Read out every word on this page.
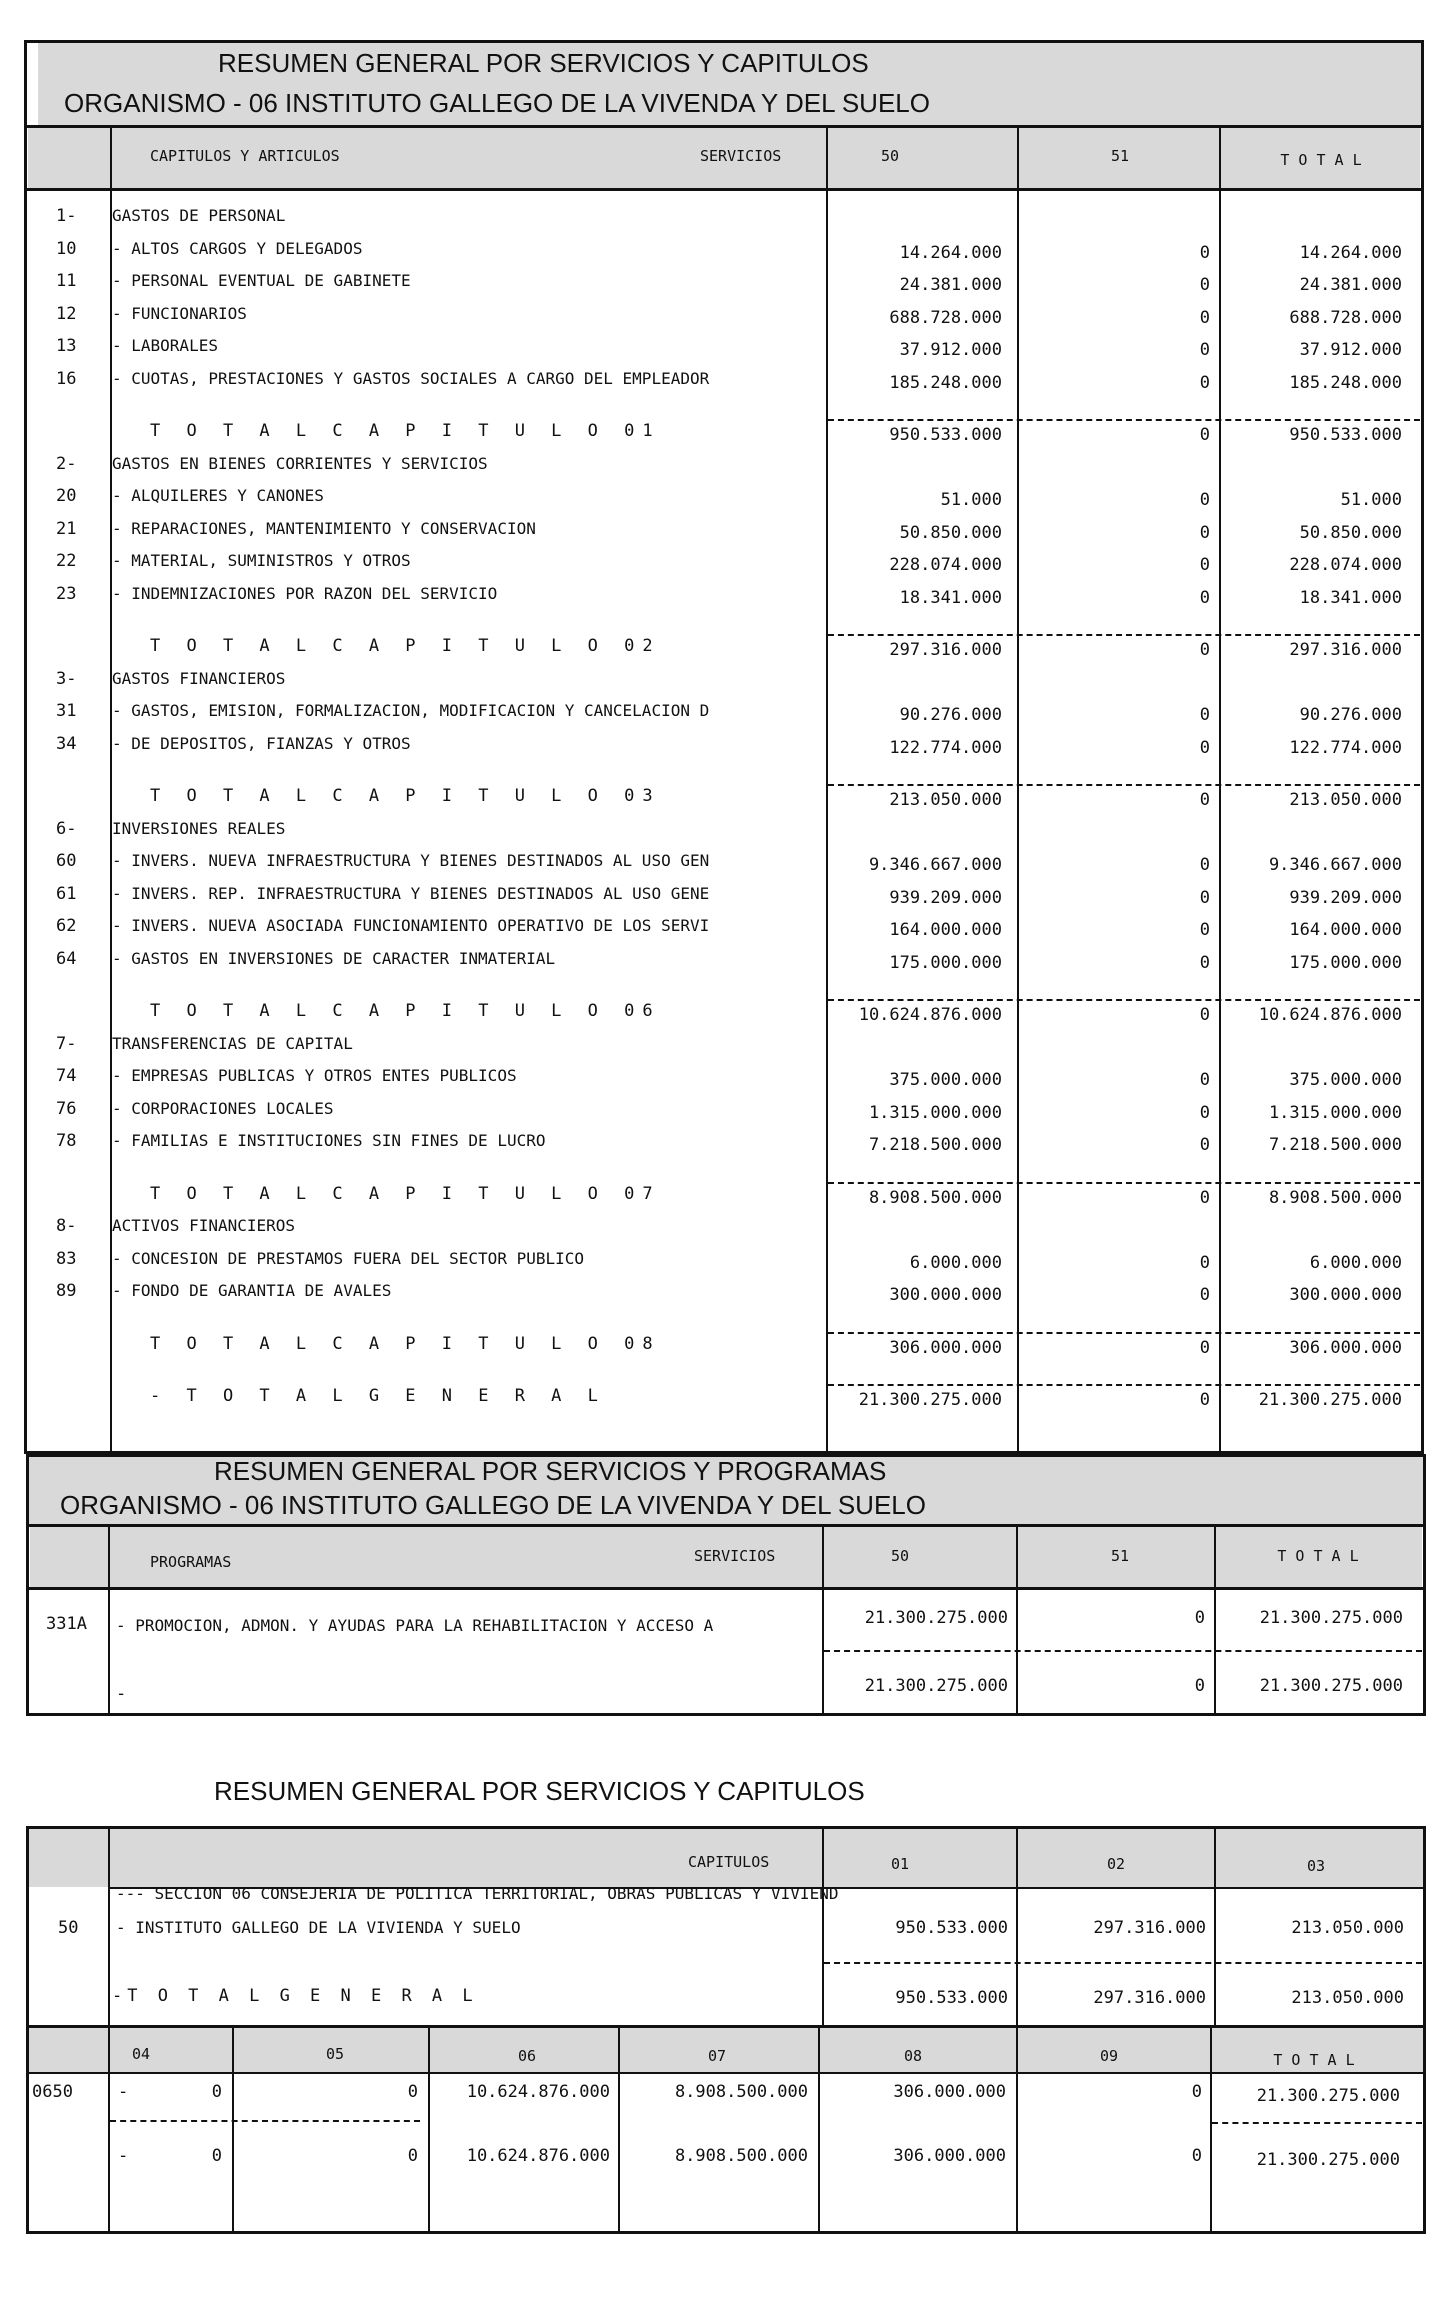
RESUMEN GENERAL POR SERVICIOS Y CAPITULOS
ORGANISMO - 06 INSTITUTO GALLEGO DE LA VIVENDA Y DEL SUELO
CAPITULOS Y ARTICULOS	SERVICIOS	50	51	T O T A L
1- GASTOS DE PERSONAL
10 - ALTOS CARGOS Y DELEGADOS	14.264.000	0	14.264.000
11 - PERSONAL EVENTUAL DE GABINETE	24.381.000	0	24.381.000
12 - FUNCIONARIOS	688.728.000	0	688.728.000
13 - LABORALES	37.912.000	0	37.912.000
16 - CUOTAS, PRESTACIONES Y GASTOS SOCIALES A CARGO DEL EMPLEADOR	185.248.000	0	185.248.000
T O T A L C A P I T U L O 01	950.533.000	0	950.533.000
2- GASTOS EN BIENES CORRIENTES Y SERVICIOS
20 - ALQUILERES Y CANONES	51.000	0	51.000
21 - REPARACIONES, MANTENIMIENTO Y CONSERVACION	50.850.000	0	50.850.000
22 - MATERIAL, SUMINISTROS Y OTROS	228.074.000	0	228.074.000
23 - INDEMNIZACIONES POR RAZON DEL SERVICIO	18.341.000	0	18.341.000
T O T A L C A P I T U L O 02	297.316.000	0	297.316.000
3- GASTOS FINANCIEROS
31 - GASTOS, EMISION, FORMALIZACION, MODIFICACION Y CANCELACION D	90.276.000	0	90.276.000
34 - DE DEPOSITOS, FIANZAS Y OTROS	122.774.000	0	122.774.000
T O T A L C A P I T U L O 03	213.050.000	0	213.050.000
6- INVERSIONES REALES
60 - INVERS. NUEVA INFRAESTRUCTURA Y BIENES DESTINADOS AL USO GEN	9.346.667.000	0	9.346.667.000
61 - INVERS. REP. INFRAESTRUCTURA Y BIENES DESTINADOS AL USO GENE	939.209.000	0	939.209.000
62 - INVERS. NUEVA ASOCIADA FUNCIONAMIENTO OPERATIVO DE LOS SERVI	164.000.000	0	164.000.000
64 - GASTOS EN INVERSIONES DE CARACTER INMATERIAL	175.000.000	0	175.000.000
T O T A L C A P I T U L O 06	10.624.876.000	0	10.624.876.000
7- TRANSFERENCIAS DE CAPITAL
74 - EMPRESAS PUBLICAS Y OTROS ENTES PUBLICOS	375.000.000	0	375.000.000
76 - CORPORACIONES LOCALES	1.315.000.000	0	1.315.000.000
78 - FAMILIAS E INSTITUCIONES SIN FINES DE LUCRO	7.218.500.000	0	7.218.500.000
T O T A L C A P I T U L O 07	8.908.500.000	0	8.908.500.000
8- ACTIVOS FINANCIEROS
83 - CONCESION DE PRESTAMOS FUERA DEL SECTOR PUBLICO	6.000.000	0	6.000.000
89 - FONDO DE GARANTIA DE AVALES	300.000.000	0	300.000.000
T O T A L C A P I T U L O 08	306.000.000	0	306.000.000
- T O T A L G E N E R A L	21.300.275.000	0	21.300.275.000
RESUMEN GENERAL POR SERVICIOS Y PROGRAMAS
ORGANISMO - 06 INSTITUTO GALLEGO DE LA VIVENDA Y DEL SUELO
PROGRAMAS	SERVICIOS	50	51	T O T A L
331A - PROMOCION, ADMON. Y AYUDAS PARA LA REHABILITACION Y ACCESO A	21.300.275.000	0	21.300.275.000
-	21.300.275.000	0	21.300.275.000
RESUMEN GENERAL POR SERVICIOS Y CAPITULOS
CAPITULOS	01	02	03
--- SECCION 06 CONSEJERIA DE POLITICA TERRITORIAL, OBRAS PUBLICAS Y VIVIEND
50 - INSTITUTO GALLEGO DE LA VIVIENDA Y SUELO	950.533.000	297.316.000	213.050.000
-T O T A L G E N E R A L	950.533.000	297.316.000	213.050.000
04	05	06	07	08	09	T O T A L
0650	-	0	0	10.624.876.000	8.908.500.000	306.000.000	0	21.300.275.000
-	0	0	10.624.876.000	8.908.500.000	306.000.000	0	21.300.275.000
